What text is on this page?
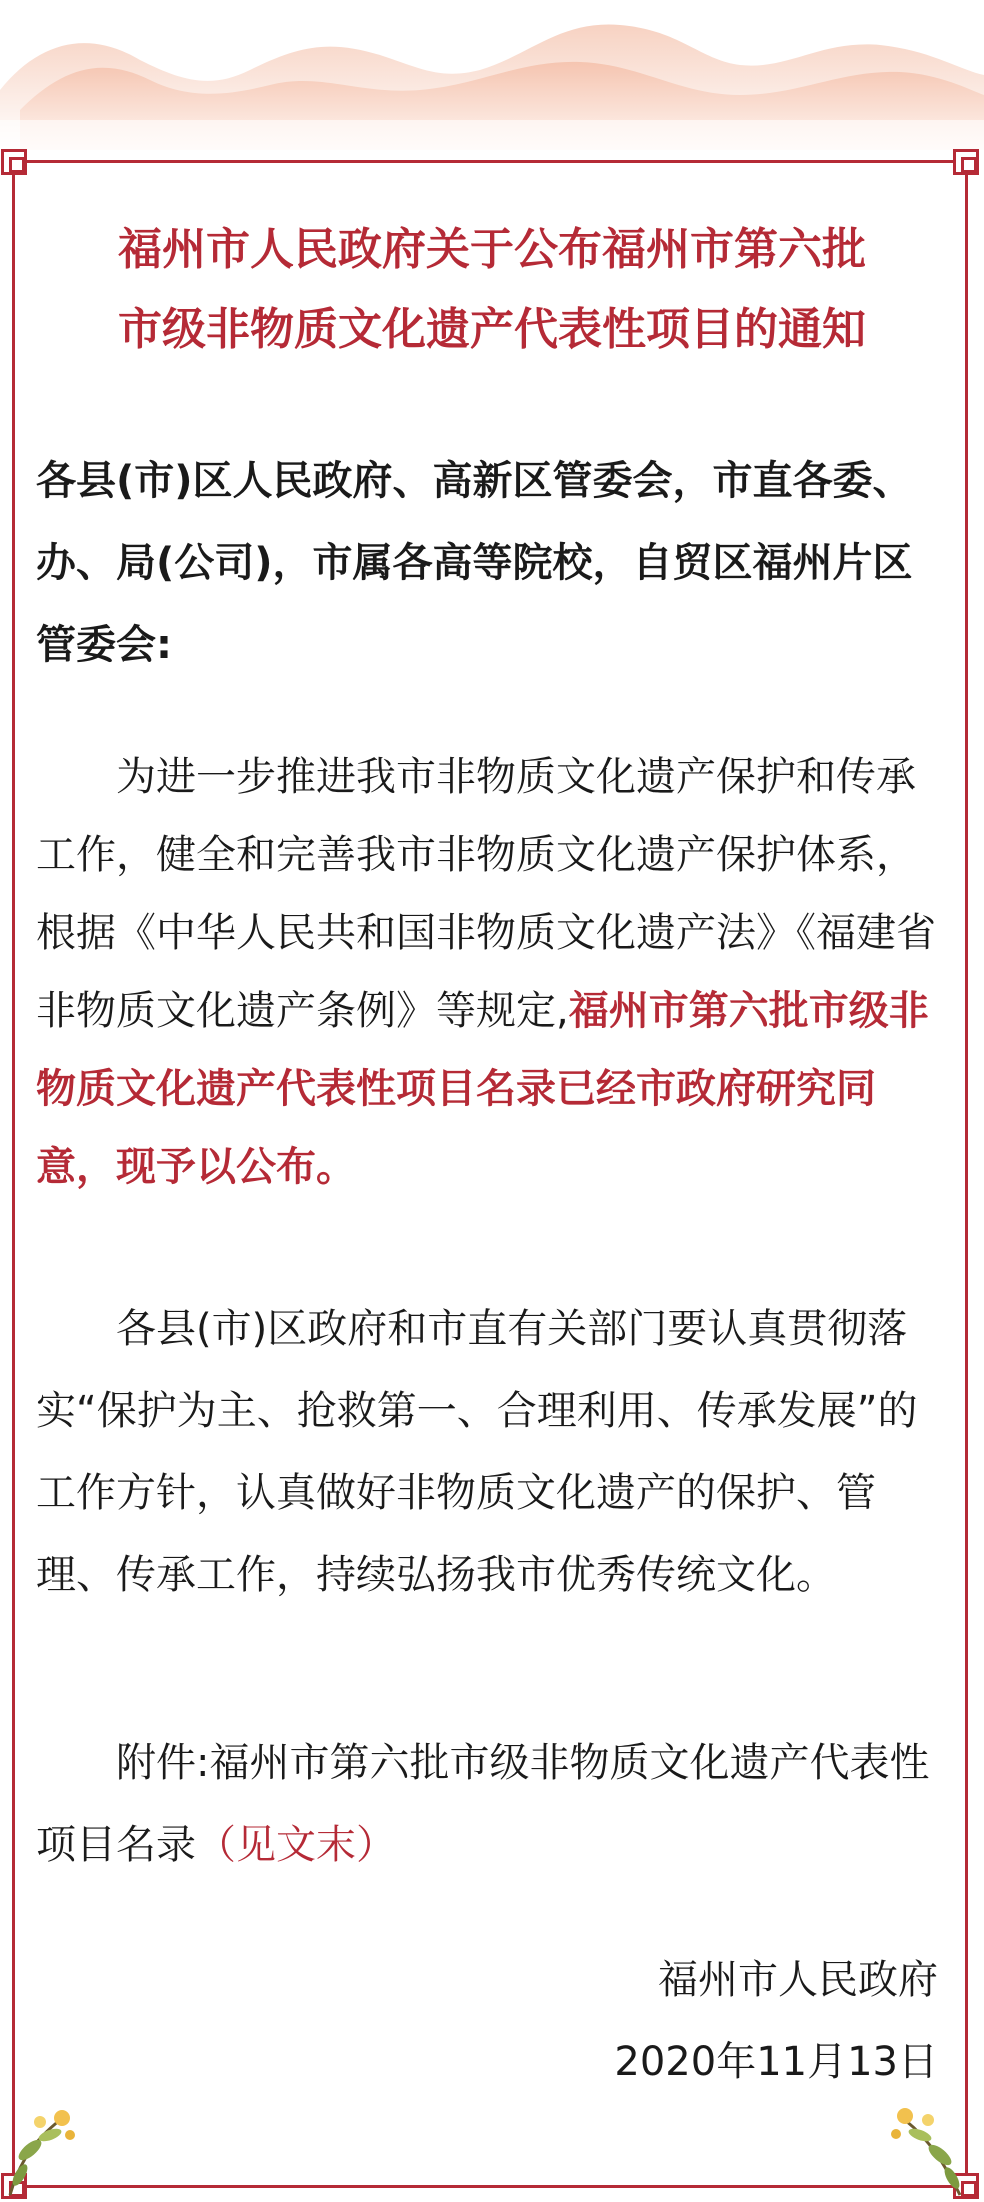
福州市人民政府关于公布福州市第六批
市级非物质文化遗产代表性项目的通知

各县(市)区人民政府、高新区管委会，市直各委、办、局(公司)，市属各高等院校，自贸区福州片区管委会:

为进一步推进我市非物质文化遗产保护和传承工作，健全和完善我市非物质文化遗产保护体系，根据《中华人民共和国非物质文化遗产法》《福建省非物质文化遗产条例》等规定,福州市第六批市级非物质文化遗产代表性项目名录已经市政府研究同意，现予以公布。

各县(市)区政府和市直有关部门要认真贯彻落实“保护为主、抢救第一、合理利用、传承发展”的工作方针，认真做好非物质文化遗产的保护、管理、传承工作，持续弘扬我市优秀传统文化。

附件:福州市第六批市级非物质文化遗产代表性项目名录（见文末）

福州市人民政府
2020年11月13日
